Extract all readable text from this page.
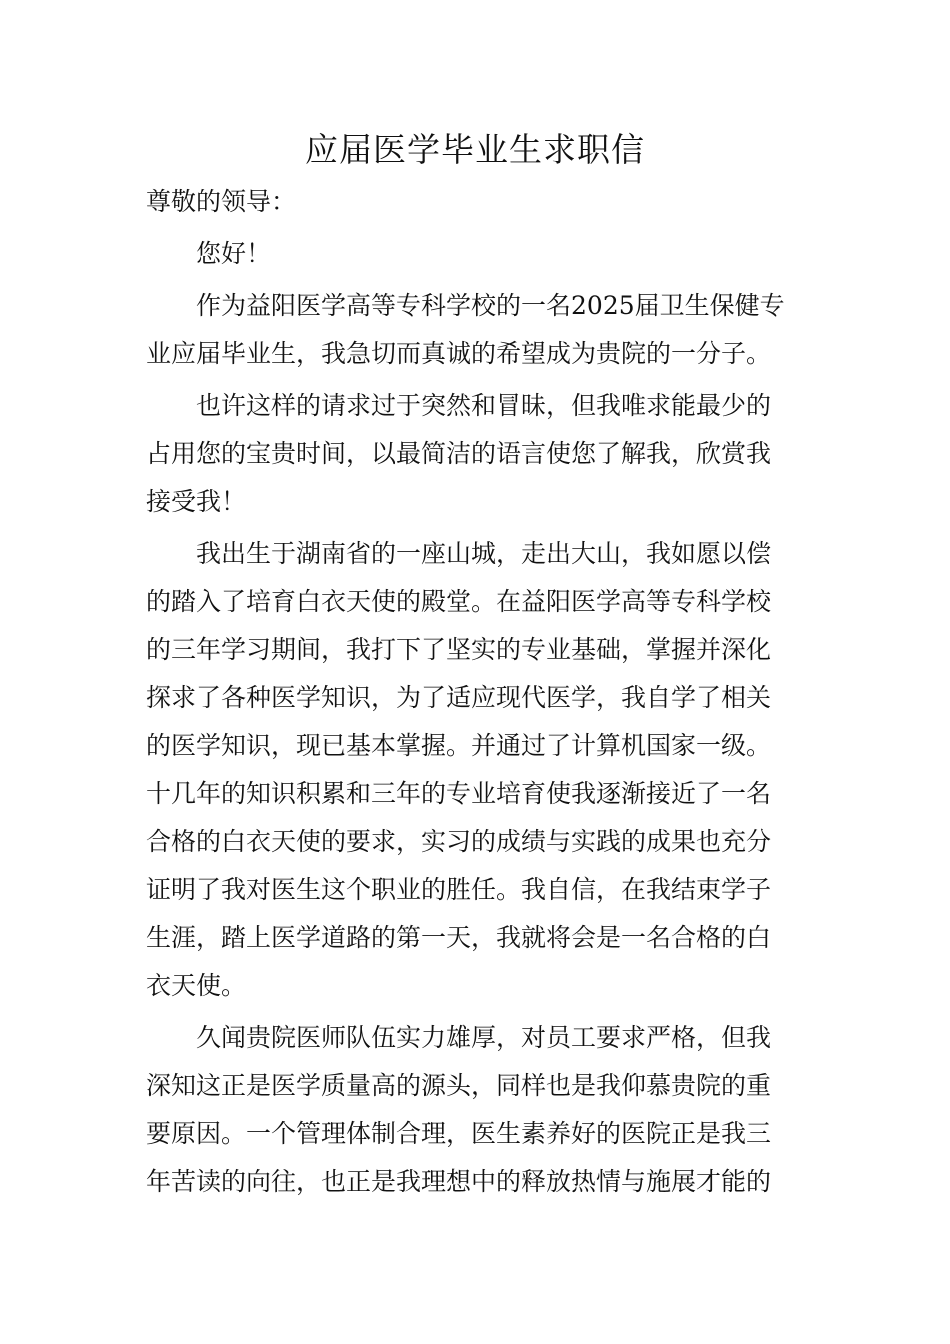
应届医学毕业生求职信
尊敬的领导：
您好！
作为益阳医学高等专科学校的一名2025届卫生保健专
业应届毕业生，我急切而真诚的希望成为贵院的一分子。
也许这样的请求过于突然和冒昧，但我唯求能最少的
占用您的宝贵时间，以最简洁的语言使您了解我，欣赏我
接受我！
我出生于湖南省的一座山城，走出大山，我如愿以偿
的踏入了培育白衣天使的殿堂。在益阳医学高等专科学校
的三年学习期间，我打下了坚实的专业基础，掌握并深化
探求了各种医学知识，为了适应现代医学，我自学了相关
的医学知识，现已基本掌握。并通过了计算机国家一级。
十几年的知识积累和三年的专业培育使我逐渐接近了一名
合格的白衣天使的要求，实习的成绩与实践的成果也充分
证明了我对医生这个职业的胜任。我自信，在我结束学子
生涯，踏上医学道路的第一天，我就将会是一名合格的白
衣天使。
久闻贵院医师队伍实力雄厚，对员工要求严格，但我
深知这正是医学质量高的源头，同样也是我仰慕贵院的重
要原因。一个管理体制合理，医生素养好的医院正是我三
年苦读的向往，也正是我理想中的释放热情与施展才能的
